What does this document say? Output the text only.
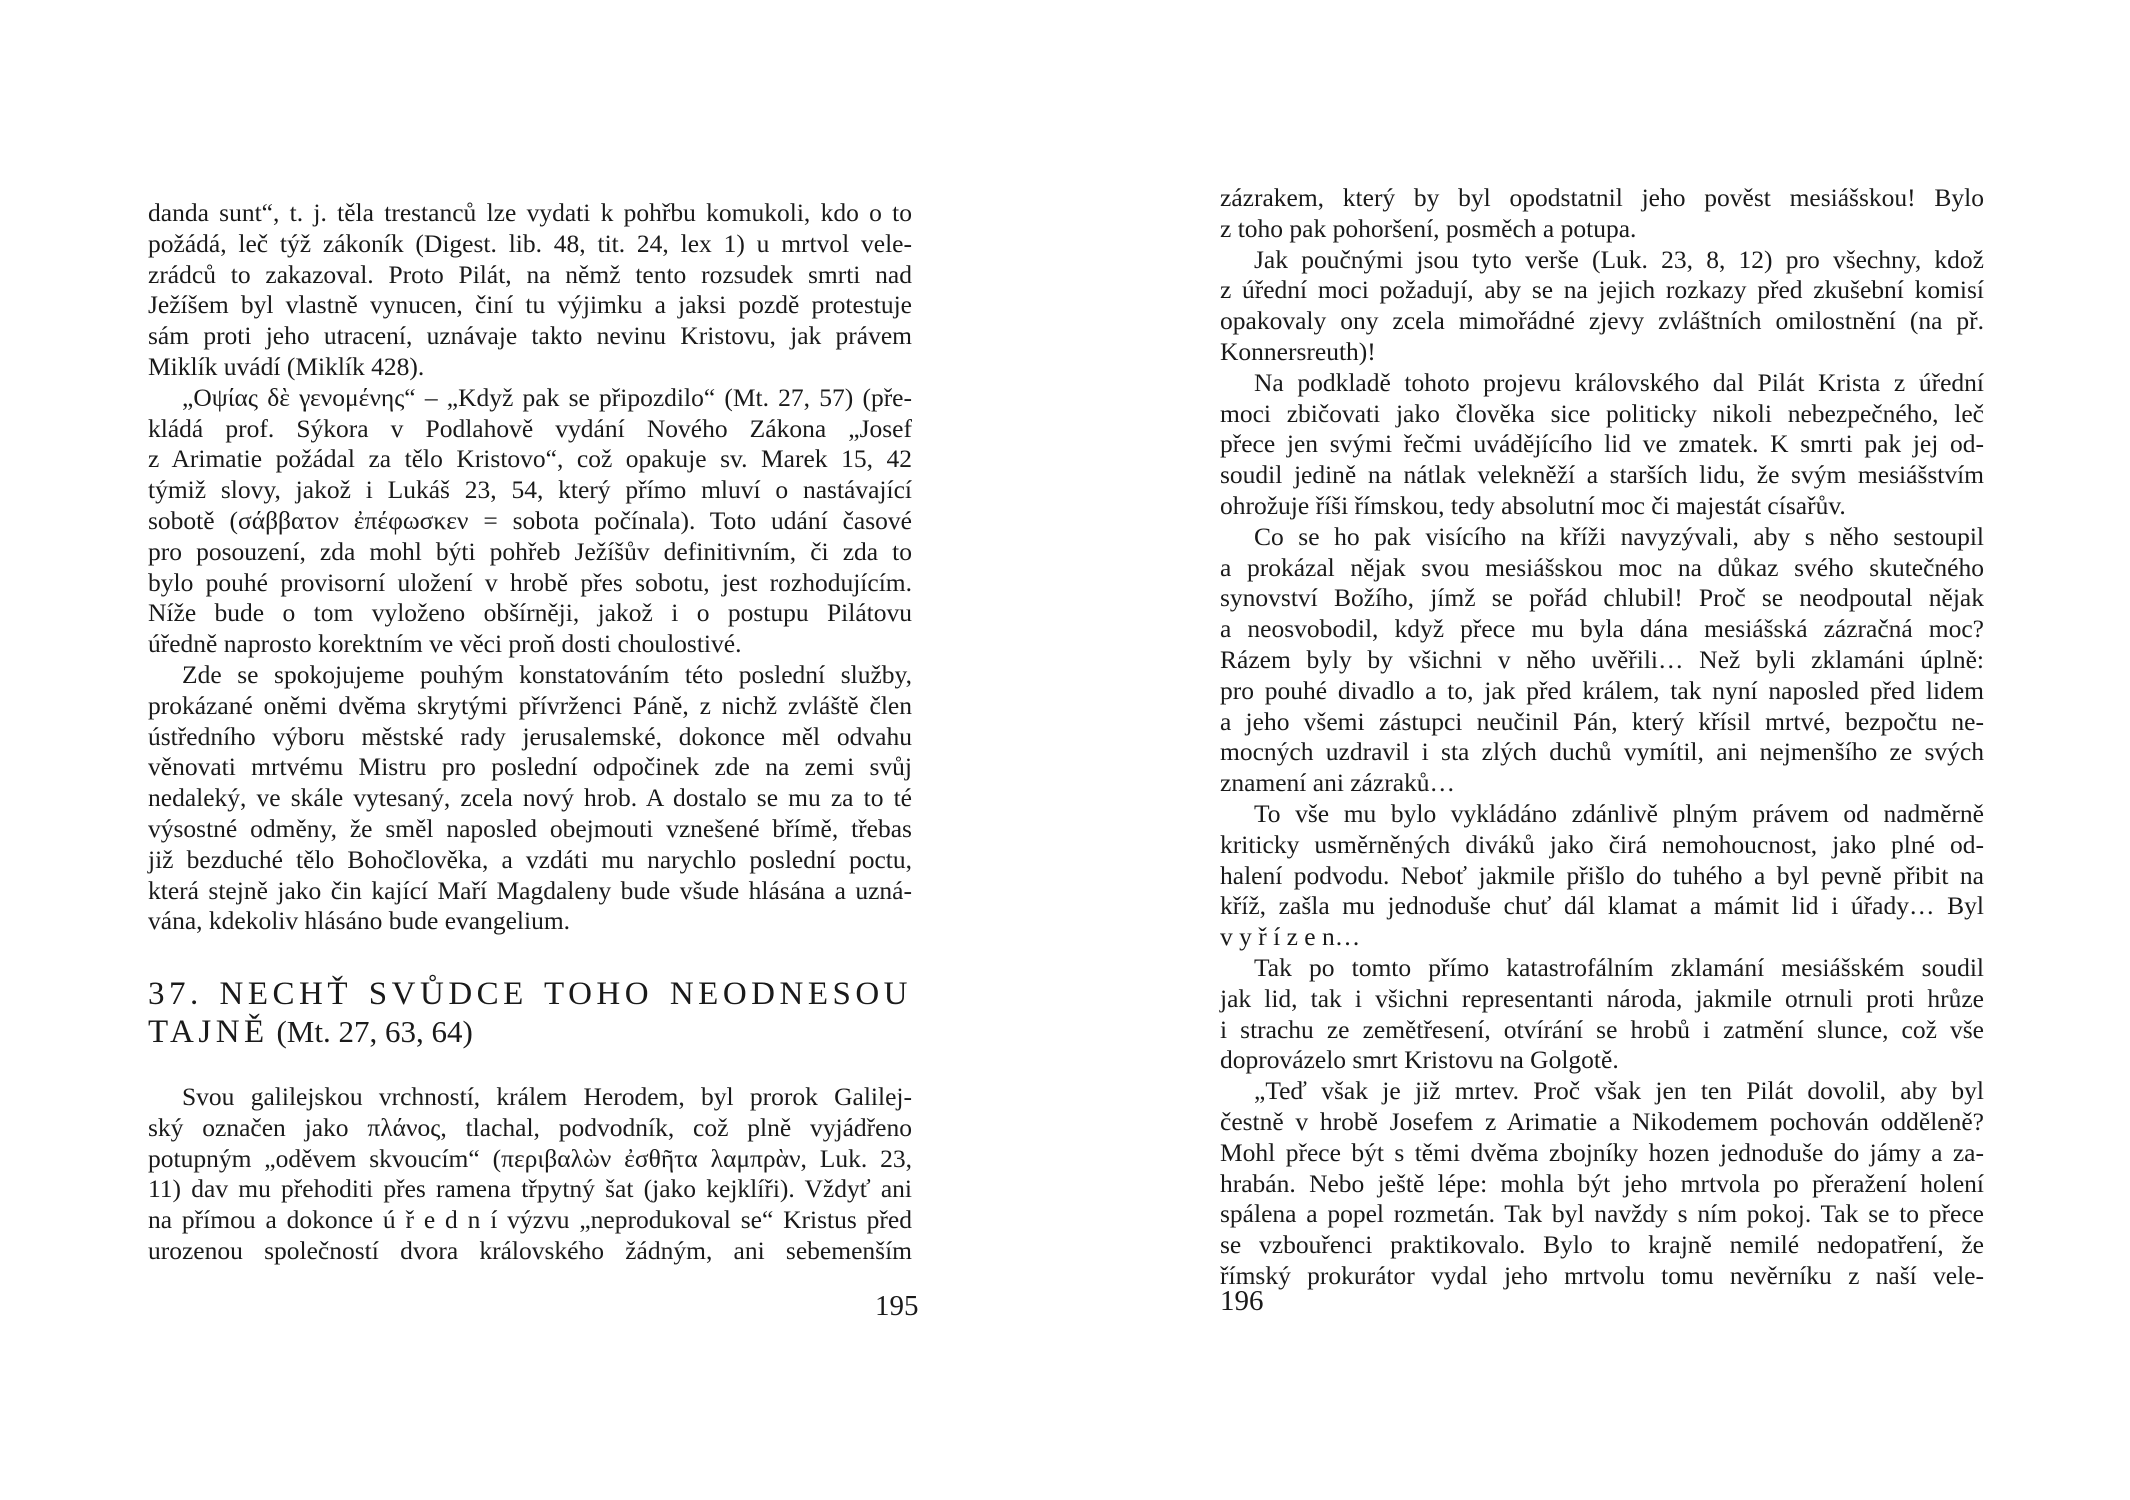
danda sunt“, t. j. těla trestanců lze vydati k pohřbu komukoli, kdo o to
požádá, leč týž zákoník (Digest. lib. 48, tit. 24, lex 1) u mrtvol vele-
zrádců to zakazoval. Proto Pilát, na němž tento rozsudek smrti nad
Ježíšem byl vlastně vynucen, činí tu výjimku a jaksi pozdě protestuje
sám proti jeho utracení, uznávaje takto nevinu Kristovu, jak právem
Miklík uvádí (Miklík 428).
„Οψίας δὲ γενομένης“ – „Když pak se připozdilo“ (Mt. 27, 57) (pře-
kládá prof. Sýkora v Podlahově vydání Nového Zákona „Josef
z Arimatie požádal za tělo Kristovo“, což opakuje sv. Marek 15, 42
týmiž slovy, jakož i Lukáš 23, 54, který přímo mluví o nastávající
sobotě (σάββατον ἐπέφωσκεν = sobota počínala). Toto udání časové
pro posouzení, zda mohl býti pohřeb Ježíšův definitivním, či zda to
bylo pouhé provisorní uložení v hrobě přes sobotu, jest rozhodujícím.
Níže bude o tom vyloženo obšírněji, jakož i o postupu Pilátovu
úředně naprosto korektním ve věci proň dosti choulostivé.
Zde se spokojujeme pouhým konstatováním této poslední služby,
prokázané oněmi dvěma skrytými přívrženci Páně, z nichž zvláště člen
ústředního výboru městské rady jerusalemské, dokonce měl odvahu
věnovati mrtvému Mistru pro poslední odpočinek zde na zemi svůj
nedaleký, ve skále vytesaný, zcela nový hrob. A dostalo se mu za to té
výsostné odměny, že směl naposled obejmouti vznešené břímě, třebas
již bezduché tělo Bohočlověka, a vzdáti mu narychlo poslední poctu,
která stejně jako čin kající Maří Magdaleny bude všude hlásána a uzná-
vána, kdekoliv hlásáno bude evangelium.
37. NECHŤ SVŮDCE TOHO NEODNESOU
TAJNĚ (Mt. 27, 63, 64)
Svou galilejskou vrchností, králem Herodem, byl prorok Galilej-
ský označen jako πλάνος, tlachal, podvodník, což plně vyjádřeno
potupným „oděvem skvoucím“ (περιβαλὼν ἐσθῆτα λαμπρὰν, Luk. 23,
11) dav mu přehoditi přes ramena třpytný šat (jako kejklíři). Vždyť ani
na přímou a dokonce ú ř e d n í výzvu „neprodukoval se“ Kristus před
urozenou společností dvora královského žádným, ani sebemenším
195
zázrakem, který by byl opodstatnil jeho pověst mesiášskou! Bylo
z toho pak pohoršení, posměch a potupa.
Jak poučnými jsou tyto verše (Luk. 23, 8, 12) pro všechny, kdož
z úřední moci požadují, aby se na jejich rozkazy před zkušební komisí
opakovaly ony zcela mimořádné zjevy zvláštních omilostnění (na př.
Konnersreuth)!
Na podkladě tohoto projevu královského dal Pilát Krista z úřední
moci zbičovati jako člověka sice politicky nikoli nebezpečného, leč
přece jen svými řečmi uvádějícího lid ve zmatek. K smrti pak jej od-
soudil jedině na nátlak velekněží a starších lidu, že svým mesiášstvím
ohrožuje říši římskou, tedy absolutní moc či majestát císařův.
Co se ho pak visícího na kříži navyzývali, aby s něho sestoupil
a prokázal nějak svou mesiášskou moc na důkaz svého skutečného
synovství Božího, jímž se pořád chlubil! Proč se neodpoutal nějak
a neosvobodil, když přece mu byla dána mesiášská zázračná moc?
Rázem byly by všichni v něho uvěřili… Než byli zklamáni úplně:
pro pouhé divadlo a to, jak před králem, tak nyní naposled před lidem
a jeho všemi zástupci neučinil Pán, který křísil mrtvé, bezpočtu ne-
mocných uzdravil i sta zlých duchů vymítil, ani nejmenšího ze svých
znamení ani zázraků…
To vše mu bylo vykládáno zdánlivě plným právem od nadměrně
kriticky usměrněných diváků jako čirá nemohoucnost, jako plné od-
halení podvodu. Neboť jakmile přišlo do tuhého a byl pevně přibit na
kříž, zašla mu jednoduše chuť dál klamat a mámit lid i úřady… Byl
v y ř í z e n…
Tak po tomto přímo katastrofálním zklamání mesiášském soudil
jak lid, tak i všichni representanti národa, jakmile otrnuli proti hrůze
i strachu ze zemětřesení, otvírání se hrobů i zatmění slunce, což vše
doprovázelo smrt Kristovu na Golgotě.
„Teď však je již mrtev. Proč však jen ten Pilát dovolil, aby byl
čestně v hrobě Josefem z Arimatie a Nikodemem pochován odděleně?
Mohl přece být s těmi dvěma zbojníky hozen jednoduše do jámy a za-
hrabán. Nebo ještě lépe: mohla být jeho mrtvola po přeražení holení
spálena a popel rozmetán. Tak byl navždy s ním pokoj. Tak se to přece
se vzbouřenci praktikovalo. Bylo to krajně nemilé nedopatření, že
římský prokurátor vydal jeho mrtvolu tomu nevěrníku z naší vele-
196
